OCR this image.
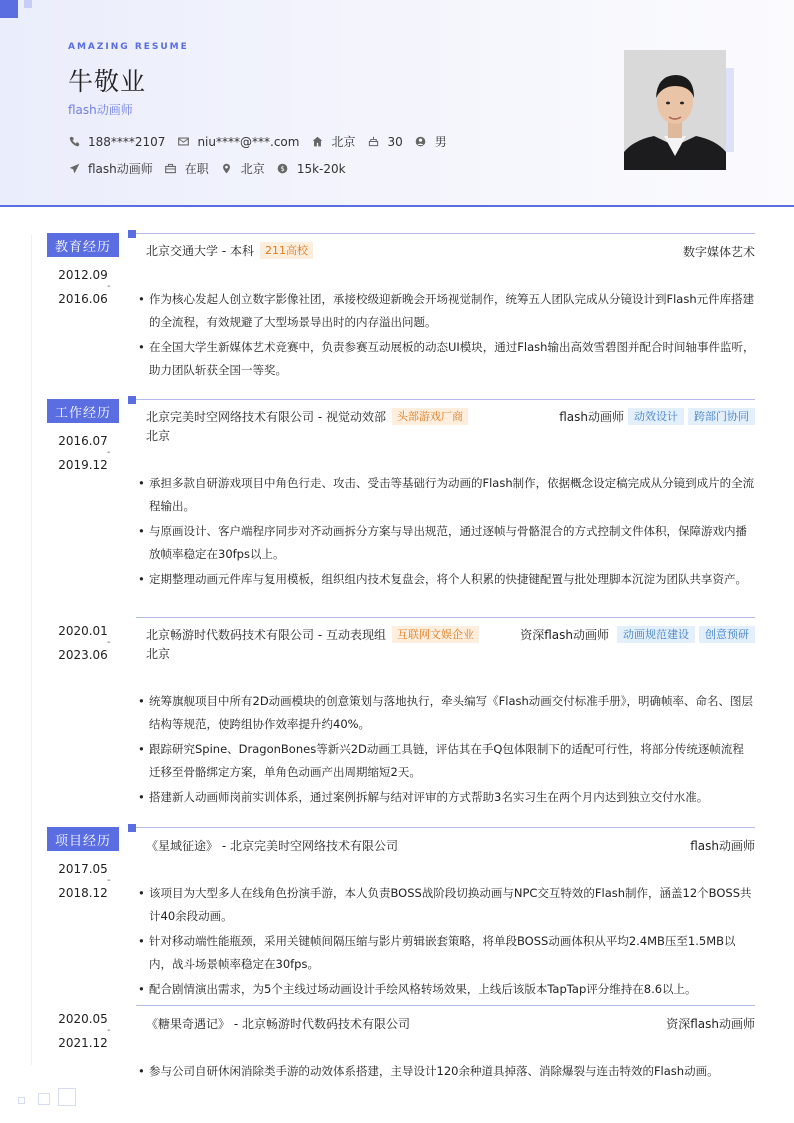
AMAZING RESUME
牛敬业
flash动画师
188****2107	niu****@***.com	北京	30	男
flash动画师	在职	北京 $ 15k-20k
教育经历
2012.09
-
2016.06
北京交通大学 - 本科	211高校	数字媒体艺术
• 作为核心发起人创立数字影像社团，承接校级迎新晚会开场视觉制作，统筹五人团队完成从分镜设计到Flash元件库搭建的全流程，有效规避了大型场景导出时的内存溢出问题。
• 在全国大学生新媒体艺术竞赛中，负责参赛互动展板的动态UI模块，通过Flash输出高效雪碧图并配合时间轴事件监听，助力团队斩获全国一等奖。
工作经历
2016.07
-
2019.12
北京完美时空网络技术有限公司 - 视觉动效部	头部游戏厂商	flash动画师 动效设计	跨部门协同
北京
• 承担多款自研游戏项目中角色行走、攻击、受击等基础行为动画的Flash制作，依据概念设定稿完成从分镜到成片的全流程输出。
• 与原画设计、客户端程序同步对齐动画拆分方案与导出规范，通过逐帧与骨骼混合的方式控制文件体积，保障游戏内播放帧率稳定在30fps以上。
• 定期整理动画元件库与复用模板，组织组内技术复盘会，将个人积累的快捷键配置与批处理脚本沉淀为团队共享资产。
2020.01
-
2023.06
北京畅游时代数码技术有限公司 - 互动表现组	互联网文娱企业	资深flash动画师	动画规范建设	创意预研
北京
• 统筹旗舰项目中所有2D动画模块的创意策划与落地执行，牵头编写《Flash动画交付标准手册》，明确帧率、命名、图层结构等规范，使跨组协作效率提升约40%。
• 跟踪研究Spine、DragonBones等新兴2D动画工具链，评估其在手Q包体限制下的适配可行性，将部分传统逐帧流程迁移至骨骼绑定方案，单角色动画产出周期缩短2天。
• 搭建新人动画师岗前实训体系，通过案例拆解与结对评审的方式帮助3名实习生在两个月内达到独立交付水准。
项目经历
2017.05
-
2018.12
《星域征途》 - 北京完美时空网络技术有限公司	flash动画师
• 该项目为大型多人在线角色扮演手游，本人负责BOSS战阶段切换动画与NPC交互特效的Flash制作，涵盖12个BOSS共计40余段动画。
• 针对移动端性能瓶颈，采用关键帧间隔压缩与影片剪辑嵌套策略，将单段BOSS动画体积从平均2.4MB压至1.5MB以内，战斗场景帧率稳定在30fps。
• 配合剧情演出需求，为5个主线过场动画设计手绘风格转场效果，上线后该版本TapTap评分维持在8.6以上。
2020.05
-
2021.12
《糖果奇遇记》 - 北京畅游时代数码技术有限公司	资深flash动画师
• 参与公司自研休闲消除类手游的动效体系搭建，主导设计120余种道具掉落、消除爆裂与连击特效的Flash动画。
